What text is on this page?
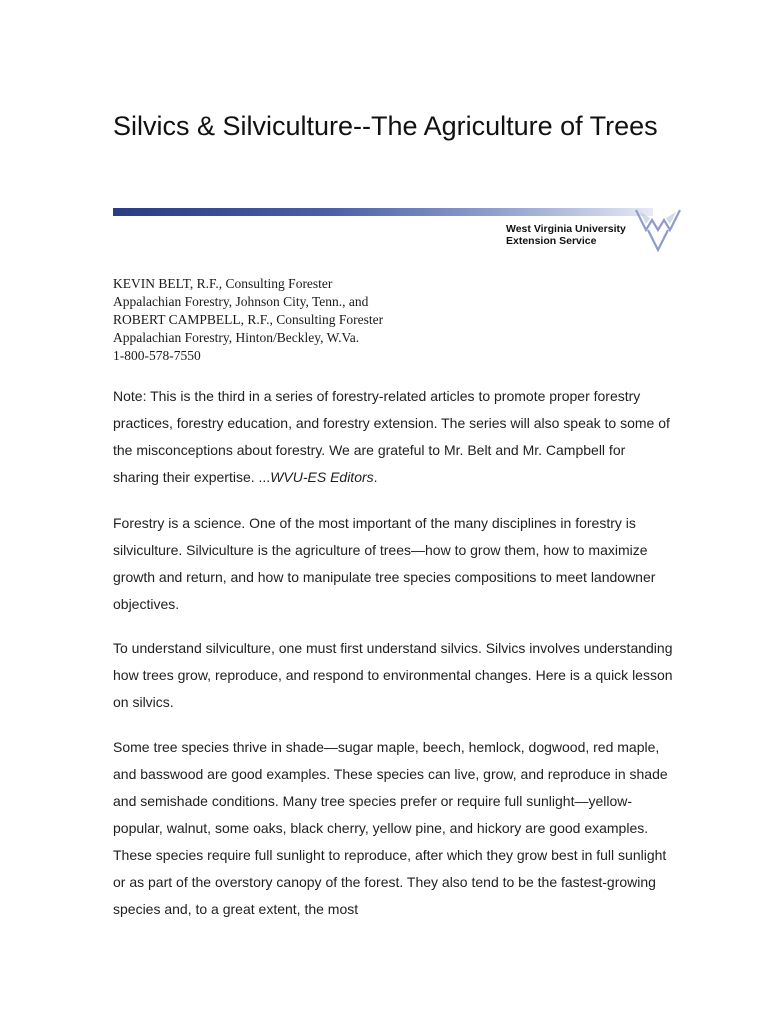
Silvics & Silviculture--The Agriculture of Trees
West Virginia University
Extension Service
KEVIN BELT, R.F., Consulting Forester
Appalachian Forestry, Johnson City, Tenn., and
ROBERT CAMPBELL, R.F., Consulting Forester
Appalachian Forestry, Hinton/Beckley, W.Va.
1-800-578-7550

Note: This is the third in a series of forestry-related articles to promote proper forestry practices, forestry education, and forestry extension. The series will also speak to some of the misconceptions about forestry. We are grateful to Mr. Belt and Mr. Campbell for sharing their expertise. ...WVU-ES Editors.

Forestry is a science. One of the most important of the many disciplines in forestry is silviculture. Silviculture is the agriculture of trees—how to grow them, how to maximize growth and return, and how to manipulate tree species compositions to meet landowner objectives.

To understand silviculture, one must first understand silvics. Silvics involves understanding how trees grow, reproduce, and respond to environmental changes. Here is a quick lesson on silvics.

Some tree species thrive in shade—sugar maple, beech, hemlock, dogwood, red maple, and basswood are good examples. These species can live, grow, and reproduce in shade and semishade conditions. Many tree species prefer or require full sunlight—yellow-popular, walnut, some oaks, black cherry, yellow pine, and hickory are good examples. These species require full sunlight to reproduce, after which they grow best in full sunlight or as part of the overstory canopy of the forest. They also tend to be the fastest-growing species and, to a great extent, the most
